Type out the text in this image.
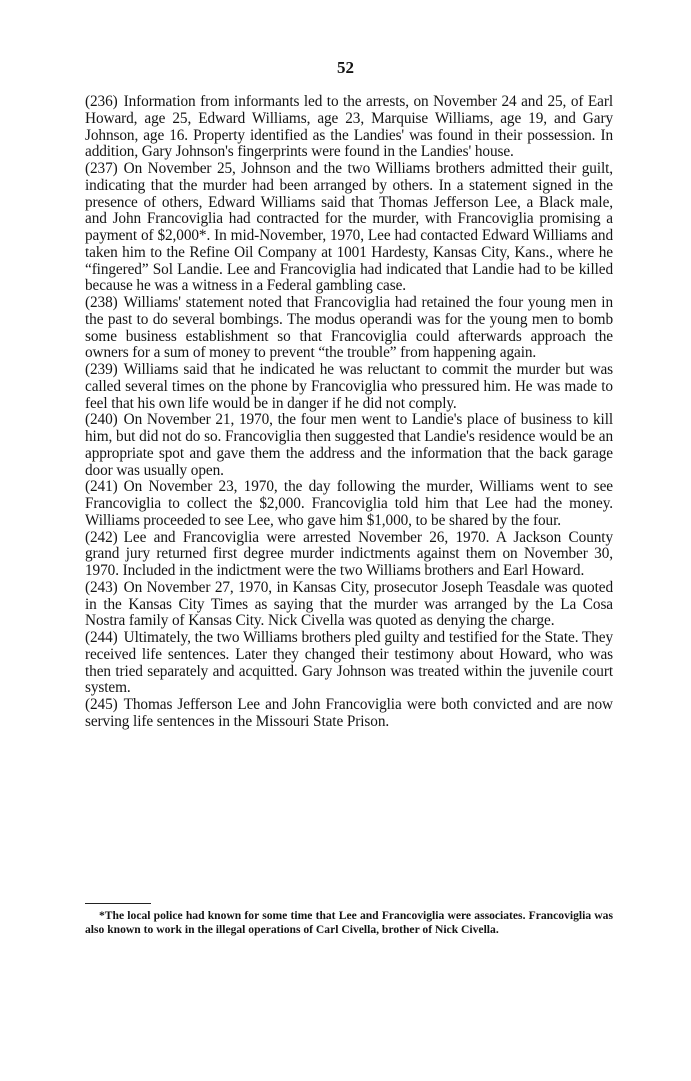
52

(236) Information from informants led to the arrests, on November 24 and 25, of Earl Howard, age 25, Edward Williams, age 23, Marquise Williams, age 19, and Gary Johnson, age 16. Property identified as the Landies' was found in their possession. In addition, Gary Johnson's fingerprints were found in the Landies' house.

(237) On November 25, Johnson and the two Williams brothers admitted their guilt, indicating that the murder had been arranged by others. In a statement signed in the presence of others, Edward Williams said that Thomas Jefferson Lee, a Black male, and John Francoviglia had contracted for the murder, with Francoviglia promising a payment of $2,000*. In mid-November, 1970, Lee had contacted Edward Williams and taken him to the Refine Oil Company at 1001 Hardesty, Kansas City, Kans., where he “fingered” Sol Landie. Lee and Francoviglia had indicated that Landie had to be killed because he was a witness in a Federal gambling case.

(238) Williams' statement noted that Francoviglia had retained the four young men in the past to do several bombings. The modus operandi was for the young men to bomb some business establishment so that Francoviglia could afterwards approach the owners for a sum of money to prevent “the trouble” from happening again.

(239) Williams said that he indicated he was reluctant to commit the murder but was called several times on the phone by Francoviglia who pressured him. He was made to feel that his own life would be in danger if he did not comply.

(240) On November 21, 1970, the four men went to Landie's place of business to kill him, but did not do so. Francoviglia then suggested that Landie's residence would be an appropriate spot and gave them the address and the information that the back garage door was usually open.

(241) On November 23, 1970, the day following the murder, Williams went to see Francoviglia to collect the $2,000. Francoviglia told him that Lee had the money. Williams proceeded to see Lee, who gave him $1,000, to be shared by the four.

(242) Lee and Francoviglia were arrested November 26, 1970. A Jackson County grand jury returned first degree murder indictments against them on November 30, 1970. Included in the indictment were the two Williams brothers and Earl Howard.

(243) On November 27, 1970, in Kansas City, prosecutor Joseph Teasdale was quoted in the Kansas City Times as saying that the murder was arranged by the La Cosa Nostra family of Kansas City. Nick Civella was quoted as denying the charge.

(244) Ultimately, the two Williams brothers pled guilty and testified for the State. They received life sentences. Later they changed their testimony about Howard, who was then tried separately and acquitted. Gary Johnson was treated within the juvenile court system.

(245) Thomas Jefferson Lee and John Francoviglia were both convicted and are now serving life sentences in the Missouri State Prison.

*The local police had known for some time that Lee and Francoviglia were associates. Francoviglia was also known to work in the illegal operations of Carl Civella, brother of Nick Civella.
